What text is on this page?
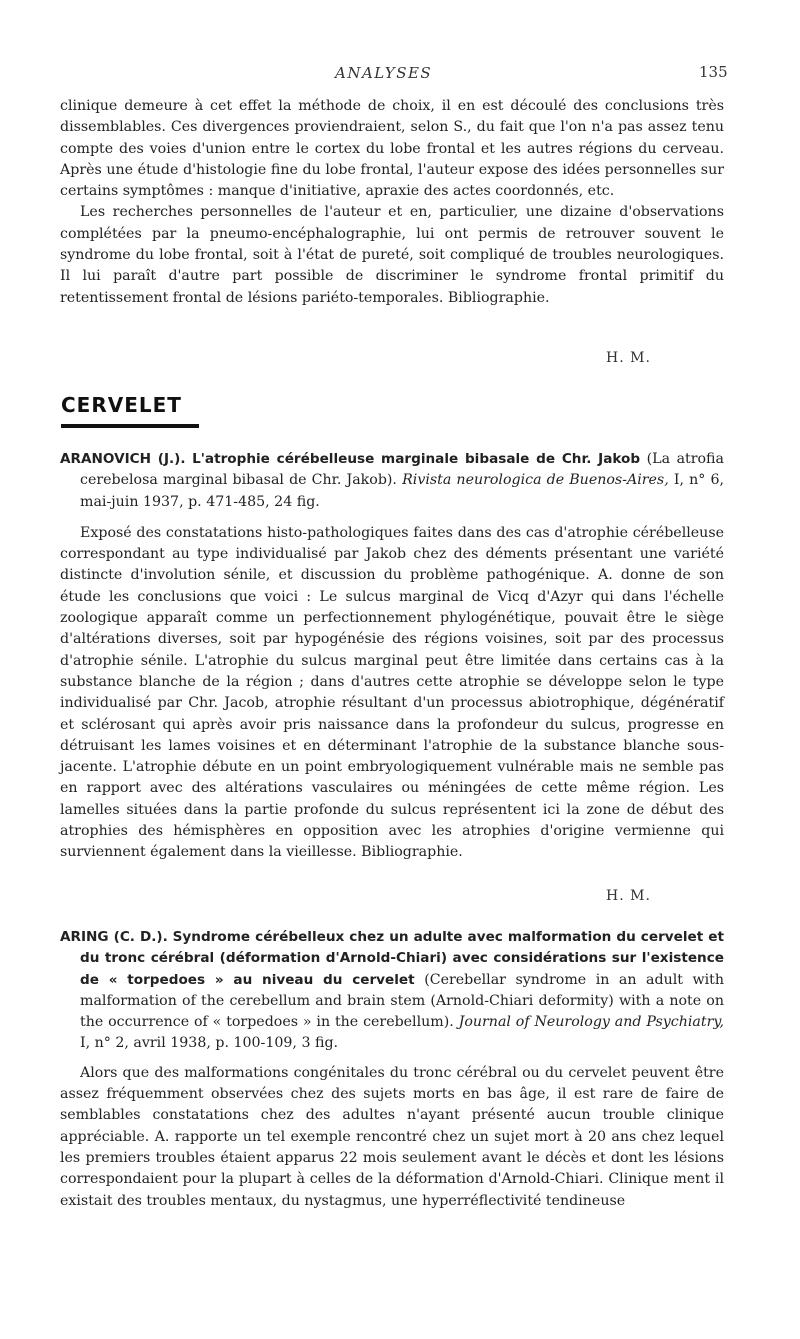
ANALYSES	135

clinique demeure à cet effet la méthode de choix, il en est découlé des conclusions très dissemblables. Ces divergences proviendraient, selon S., du fait que l'on n'a pas assez tenu compte des voies d'union entre le cortex du lobe frontal et les autres régions du cerveau. Après une étude d'histologie fine du lobe frontal, l'auteur expose des idées personnelles sur certains symptômes : manque d'initiative, apraxie des actes coordonnés, etc.

Les recherches personnelles de l'auteur et en, particulier, une dizaine d'observations complétées par la pneumo-encéphalographie, lui ont permis de retrouver souvent le syndrome du lobe frontal, soit à l'état de pureté, soit compliqué de troubles neurologiques. Il lui paraît d'autre part possible de discriminer le syndrome frontal primitif du retentissement frontal de lésions pariéto-temporales. Bibliographie.

H. M.
CERVELET

ARANOVICH (J.). L'atrophie cérébelleuse marginale bibasale de Chr. Jakob (La atrofia cerebelosa marginal bibasal de Chr. Jakob). Rivista neurologica de Buenos-Aires, I, n° 6, mai-juin 1937, p. 471-485, 24 fig.

Exposé des constatations histo-pathologiques faites dans des cas d'atrophie cérébelleuse correspondant au type individualisé par Jakob chez des déments présentant une variété distincte d'involution sénile, et discussion du problème pathogénique. A. donne de son étude les conclusions que voici : Le sulcus marginal de Vicq d'Azyr qui dans l'échelle zoologique apparaît comme un perfectionnement phylogénétique, pouvait être le siège d'altérations diverses, soit par hypogénésie des régions voisines, soit par des processus d'atrophie sénile. L'atrophie du sulcus marginal peut être limitée dans certains cas à la substance blanche de la région ; dans d'autres cette atrophie se développe selon le type individualisé par Chr. Jacob, atrophie résultant d'un processus abiotrophique, dégénératif et sclérosant qui après avoir pris naissance dans la profondeur du sulcus, progresse en détruisant les lames voisines et en déterminant l'atrophie de la substance blanche sous-jacente. L'atrophie débute en un point embryologiquement vulnérable mais ne semble pas en rapport avec des altérations vasculaires ou méningées de cette même région. Les lamelles situées dans la partie profonde du sulcus représentent ici la zone de début des atrophies des hémisphères en opposition avec les atrophies d'origine vermienne qui surviennent également dans la vieillesse. Bibliographie.

H. M.

ARING (C. D.). Syndrome cérébelleux chez un adulte avec malformation du cervelet et du tronc cérébral (déformation d'Arnold-Chiari) avec considérations sur l'existence de « torpedoes » au niveau du cervelet (Cerebellar syndrome in an adult with malformation of the cerebellum and brain stem (Arnold-Chiari deformity) with a note on the occurrence of « torpedoes » in the cerebellum). Journal of Neurology and Psychiatry, I, n° 2, avril 1938, p. 100-109, 3 fig.

Alors que des malformations congénitales du tronc cérébral ou du cervelet peuvent être assez fréquemment observées chez des sujets morts en bas âge, il est rare de faire de semblables constatations chez des adultes n'ayant présenté aucun trouble clinique appréciable. A. rapporte un tel exemple rencontré chez un sujet mort à 20 ans chez lequel les premiers troubles étaient apparus 22 mois seulement avant le décès et dont les lésions correspondaient pour la plupart à celles de la déformation d'Arnold-Chiari. Clinique ment il existait des troubles mentaux, du nystagmus, une hyperréflectivité tendineuse
